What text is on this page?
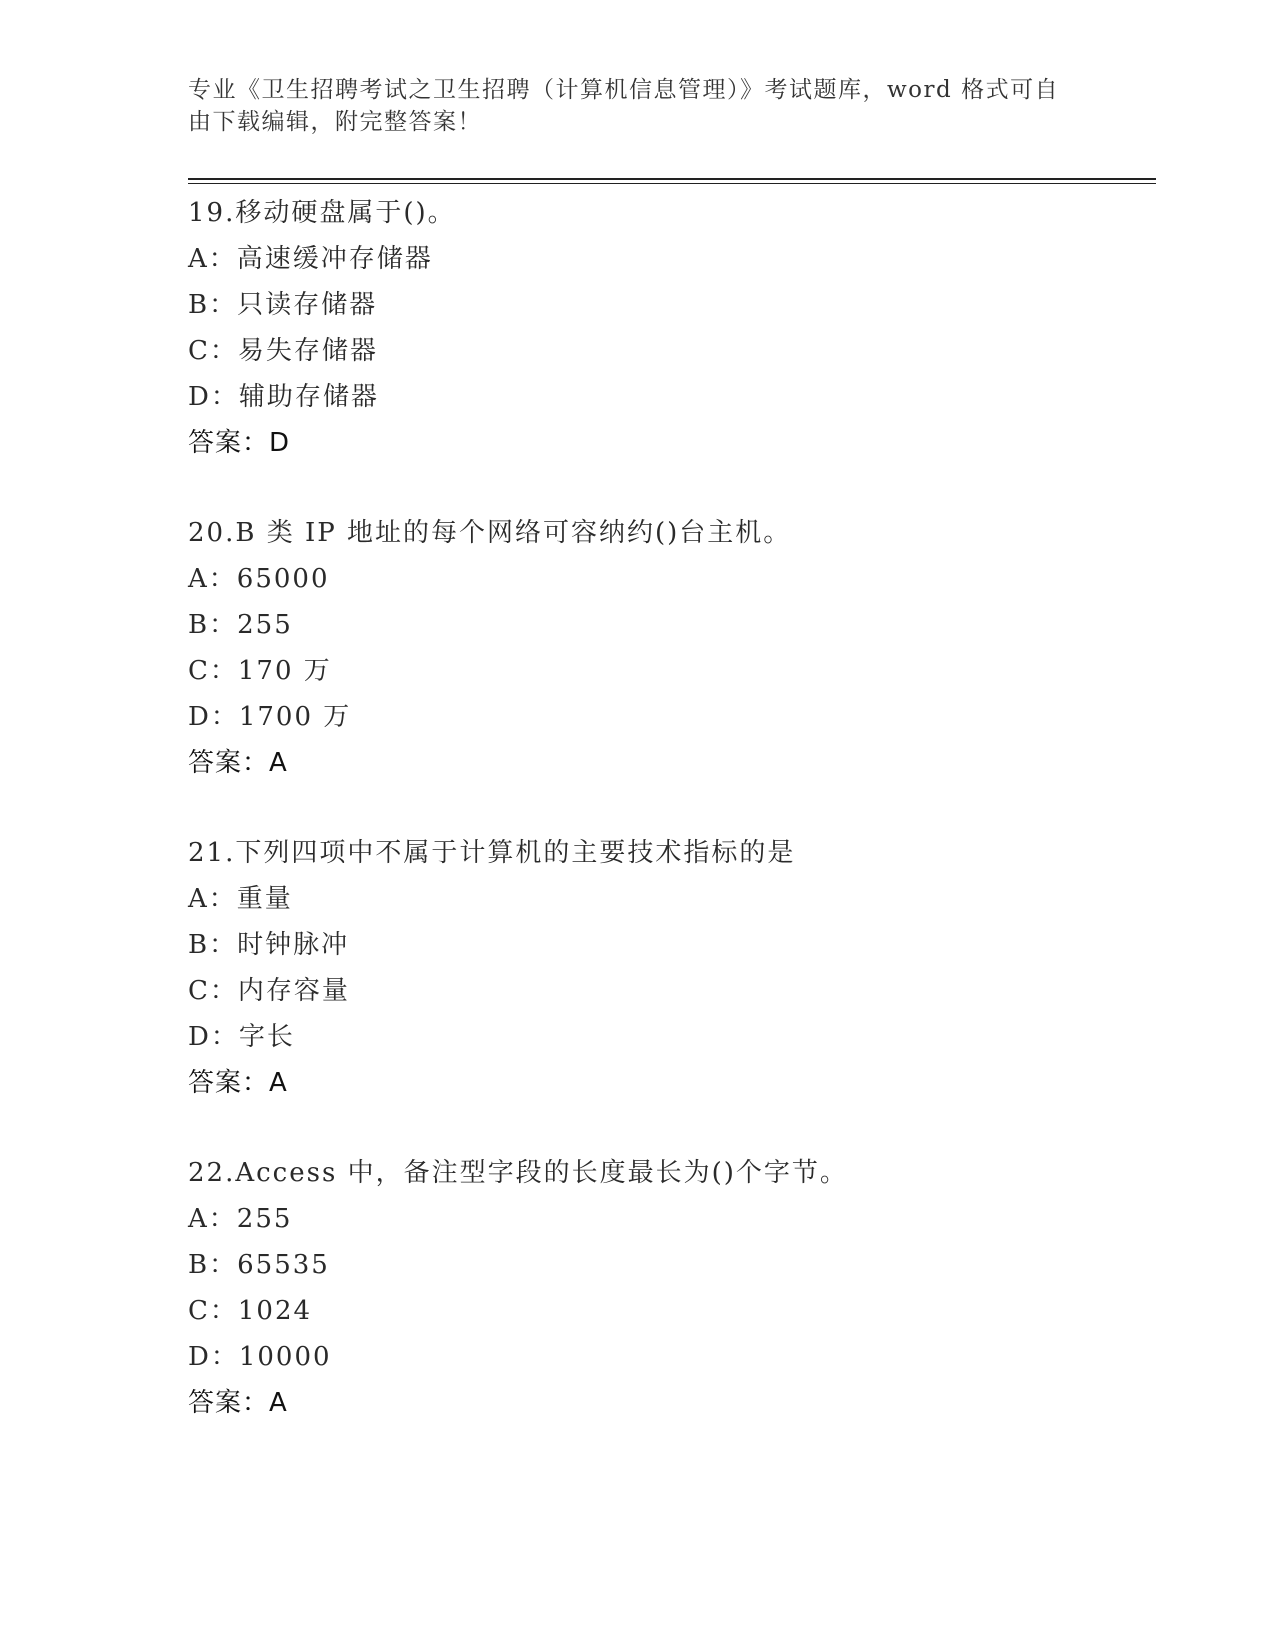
专业《卫生招聘考试之卫生招聘（计算机信息管理）》考试题库，word 格式可自
由下载编辑，附完整答案！
19.移动硬盘属于()。
A：高速缓冲存储器
B：只读存储器
C：易失存储器
D：辅助存储器
答案：D
20.B 类 IP 地址的每个网络可容纳约()台主机。
A：65000
B：255
C：170 万
D：1700 万
答案：A
21.下列四项中不属于计算机的主要技术指标的是
A：重量
B：时钟脉冲
C：内存容量
D：字长
答案：A
22.Access 中，备注型字段的长度最长为()个字节。
A：255
B：65535
C：1024
D：10000
答案：A
